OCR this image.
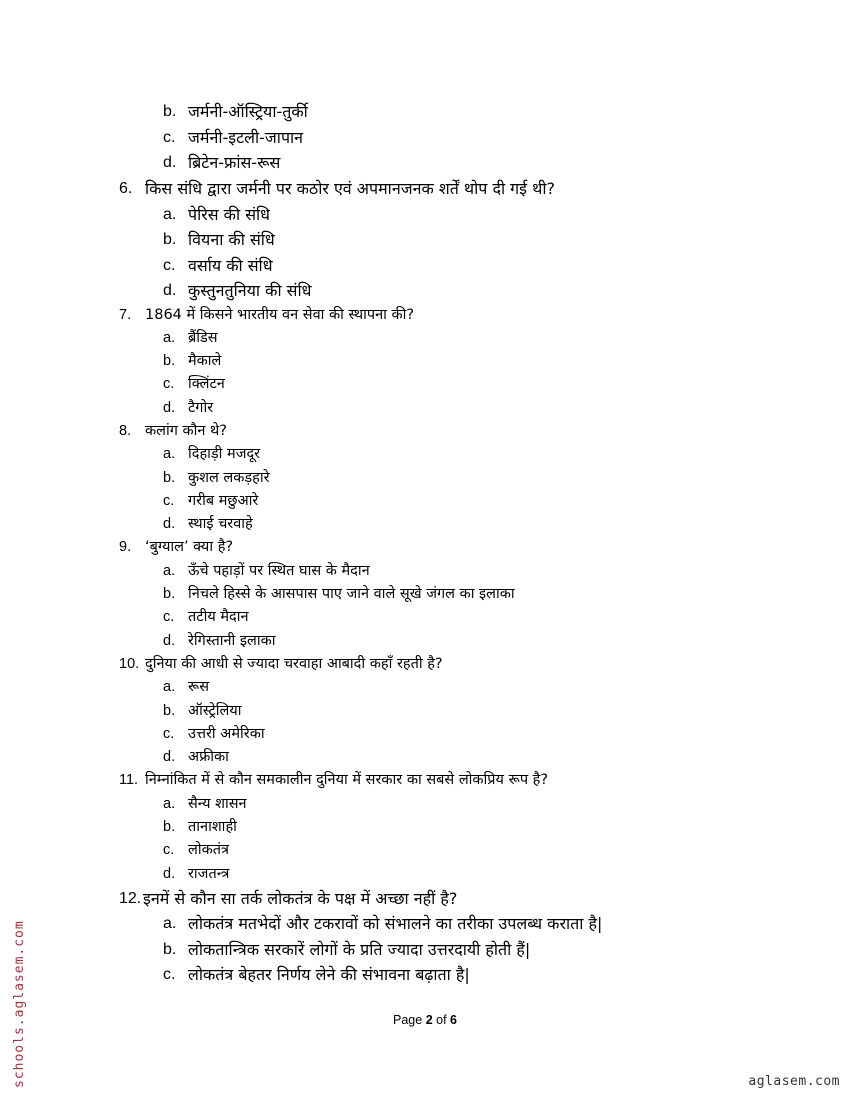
b. जर्मनी-ऑस्ट्रिया-तुर्की
c. जर्मनी-इटली-जापान
d. ब्रिटेन-फ्रांस-रूस
6. किस संधि द्वारा जर्मनी पर कठोर एवं अपमानजनक शर्तें थोप दी गई थी?
a. पेरिस की संधि
b. वियना की संधि
c. वर्साय की संधि
d. कुस्तुनतुनिया की संधि
7. 1864 में किसने भारतीय वन सेवा की स्थापना की?
a. ब्रैंडिस
b. मैकाले
c. क्लिंटन
d. टैगोर
8. कलांग कौन थे?
a. दिहाड़ी मजदूर
b. कुशल लकड़हारे
c. गरीब मछुआरे
d. स्थाई चरवाहे
9. ‘बुग्याल’ क्या है?
a. ऊँचे पहाड़ों पर स्थित घास के मैदान
b. निचले हिस्से के आसपास पाए जाने वाले सूखे जंगल का इलाका
c. तटीय मैदान
d. रेगिस्तानी इलाका
10. दुनिया की आधी से ज्यादा चरवाहा आबादी कहाँ रहती है?
a. रूस
b. ऑस्ट्रेलिया
c. उत्तरी अमेरिका
d. अफ्रीका
11. निम्नांकित में से कौन समकालीन दुनिया में सरकार का सबसे लोकप्रिय रूप है?
a. सैन्य शासन
b. तानाशाही
c. लोकतंत्र
d. राजतन्त्र
12. इनमें से कौन सा तर्क लोकतंत्र के पक्ष में अच्छा नहीं है?
a. लोकतंत्र मतभेदों और टकरावों को संभालने का तरीका उपलब्ध कराता है|
b. लोकतान्त्रिक सरकारें लोगों के प्रति ज्यादा उत्तरदायी होती हैं|
c. लोकतंत्र बेहतर निर्णय लेने की संभावना बढ़ाता है|
Page 2 of 6
schools.aglasem.com	aglasem.com
